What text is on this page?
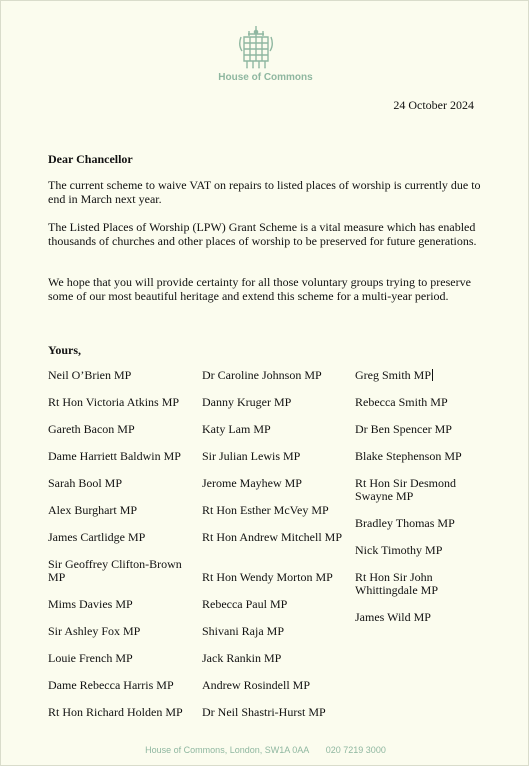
House of Commons
24 October 2024
Dear Chancellor
The current scheme to waive VAT on repairs to listed places of worship is currently due to end in March next year.
The Listed Places of Worship (LPW) Grant Scheme is a vital measure which has enabled thousands of churches and other places of worship to be preserved for future generations.
We hope that you will provide certainty for all those voluntary groups trying to preserve some of our most beautiful heritage and extend this scheme for a multi-year period.
Yours,
Neil O’Brien MP
Rt Hon Victoria Atkins MP
Gareth Bacon MP
Dame Harriett Baldwin MP
Sarah Bool MP
Alex Burghart MP
James Cartlidge MP
Sir Geoffrey Clifton-Brown MP
Mims Davies MP
Sir Ashley Fox MP
Louie French MP
Dame Rebecca Harris MP
Rt Hon Richard Holden MP
Dr Caroline Johnson MP
Danny Kruger MP
Katy Lam MP
Sir Julian Lewis MP
Jerome Mayhew MP
Rt Hon Esther McVey MP
Rt Hon Andrew Mitchell MP
Rt Hon Wendy Morton MP
Rebecca Paul MP
Shivani Raja MP
Jack Rankin MP
Andrew Rosindell MP
Dr Neil Shastri-Hurst MP
Greg Smith MP
Rebecca Smith MP
Dr Ben Spencer MP
Blake Stephenson MP
Rt Hon Sir Desmond Swayne MP
Bradley Thomas MP
Nick Timothy MP
Rt Hon Sir John Whittingdale MP
James Wild MP
House of Commons, London, SW1A 0AA 020 7219 3000
